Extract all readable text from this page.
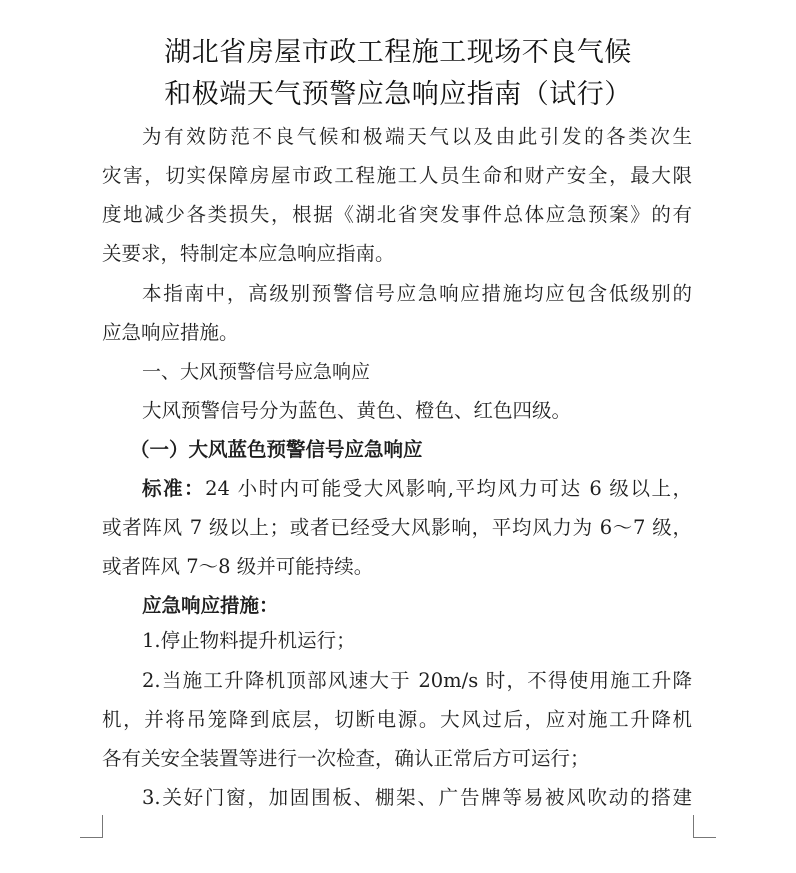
湖北省房屋市政工程施工现场不良气候
和极端天气预警应急响应指南（试行）
为有效防范不良气候和极端天气以及由此引发的各类次生
灾害，切实保障房屋市政工程施工人员生命和财产安全，最大限
度地减少各类损失，根据《湖北省突发事件总体应急预案》的有
关要求，特制定本应急响应指南。
本指南中，高级别预警信号应急响应措施均应包含低级别的
应急响应措施。
一、大风预警信号应急响应
大风预警信号分为蓝色、黄色、橙色、红色四级。
（一）大风蓝色预警信号应急响应
标准：24 小时内可能受大风影响,平均风力可达 6 级以上，
或者阵风 7 级以上；或者已经受大风影响，平均风力为 6～7 级，
或者阵风 7～8 级并可能持续。
应急响应措施：
1.停止物料提升机运行；
2.当施工升降机顶部风速大于 20m/s 时，不得使用施工升降
机，并将吊笼降到底层，切断电源。大风过后，应对施工升降机
各有关安全装置等进行一次检查，确认正常后方可运行；
3.关好门窗，加固围板、棚架、广告牌等易被风吹动的搭建
